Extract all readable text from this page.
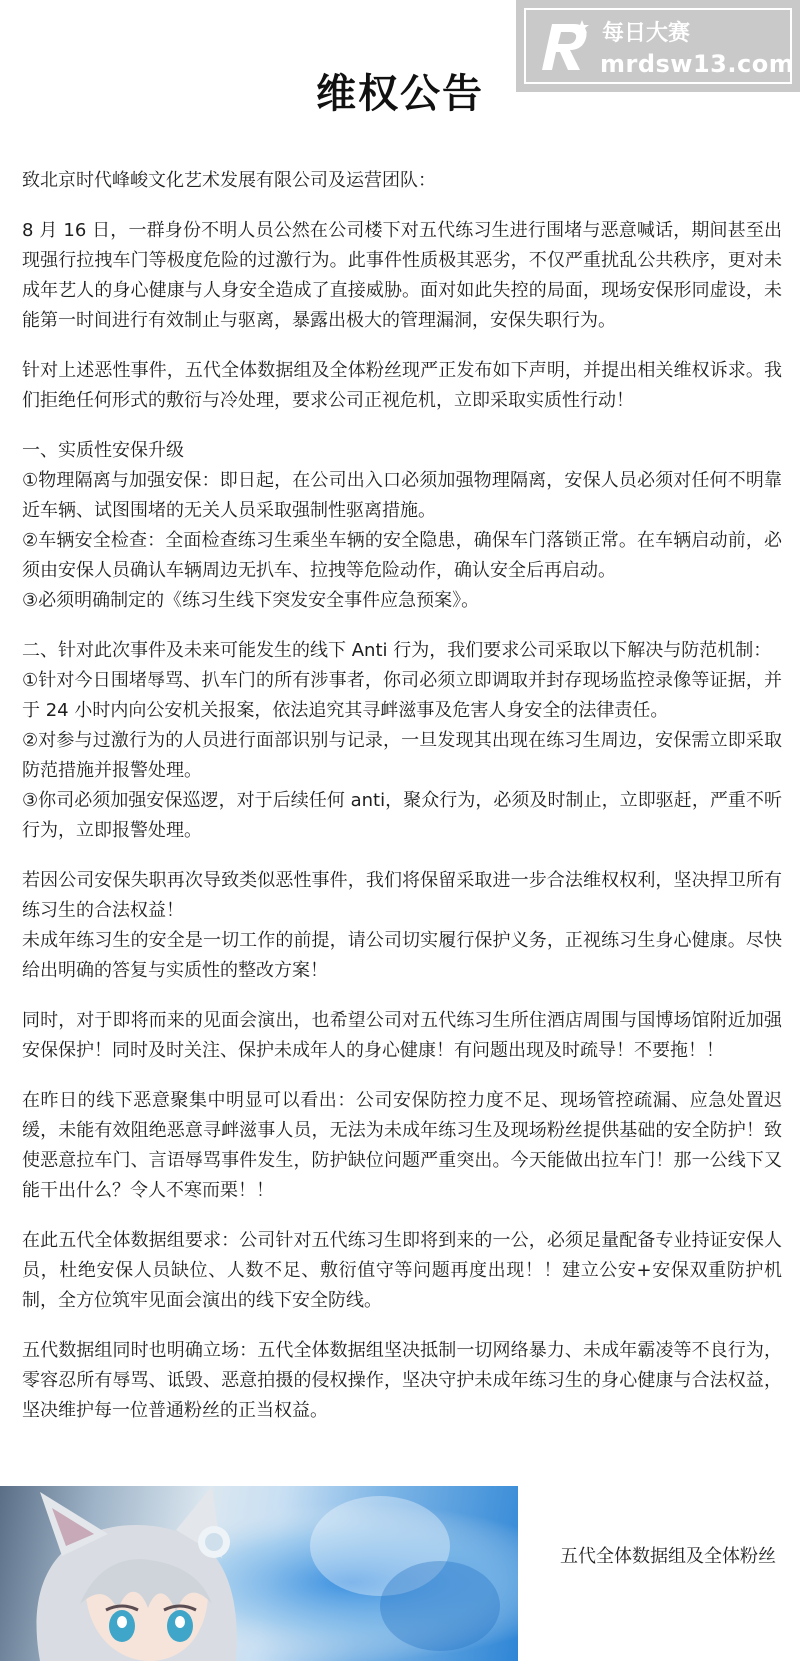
每日大赛
mrdsw13.com
维权公告

致北京时代峰峻文化艺术发展有限公司及运营团队：

8 月 16 日，一群身份不明人员公然在公司楼下对五代练习生进行围堵与恶意喊话，期间甚至出现强行拉拽车门等极度危险的过激行为。此事件性质极其恶劣，不仅严重扰乱公共秩序，更对未成年艺人的身心健康与人身安全造成了直接威胁。面对如此失控的局面，现场安保形同虚设，未能第一时间进行有效制止与驱离，暴露出极大的管理漏洞，安保失职行为。

针对上述恶性事件，五代全体数据组及全体粉丝现严正发布如下声明，并提出相关维权诉求。我们拒绝任何形式的敷衍与冷处理，要求公司正视危机，立即采取实质性行动！

一、实质性安保升级
①物理隔离与加强安保：即日起，在公司出入口必须加强物理隔离，安保人员必须对任何不明靠近车辆、试图围堵的无关人员采取强制性驱离措施。
②车辆安全检查：全面检查练习生乘坐车辆的安全隐患，确保车门落锁正常。在车辆启动前，必须由安保人员确认车辆周边无扒车、拉拽等危险动作，确认安全后再启动。
③必须明确制定的《练习生线下突发安全事件应急预案》。
二、针对此次事件及未来可能发生的线下 Anti 行为，我们要求公司采取以下解决与防范机制：
①针对今日围堵辱骂、扒车门的所有涉事者，你司必须立即调取并封存现场监控录像等证据，并于 24 小时内向公安机关报案，依法追究其寻衅滋事及危害人身安全的法律责任。
②对参与过激行为的人员进行面部识别与记录，一旦发现其出现在练习生周边，安保需立即采取防范措施并报警处理。
③你司必须加强安保巡逻，对于后续任何 anti，聚众行为，必须及时制止，立即驱赶，严重不听行为，立即报警处理。
若因公司安保失职再次导致类似恶性事件，我们将保留采取进一步合法维权权利，坚决捍卫所有练习生的合法权益！
未成年练习生的安全是一切工作的前提，请公司切实履行保护义务，正视练习生身心健康。尽快给出明确的答复与实质性的整改方案！

同时，对于即将而来的见面会演出，也希望公司对五代练习生所住酒店周围与国博场馆附近加强安保保护！同时及时关注、保护未成年人的身心健康！有问题出现及时疏导！不要拖！！

在昨日的线下恶意聚集中明显可以看出：公司安保防控力度不足、现场管控疏漏、应急处置迟缓，未能有效阻绝恶意寻衅滋事人员，无法为未成年练习生及现场粉丝提供基础的安全防护！致使恶意拉车门、言语辱骂事件发生，防护缺位问题严重突出。今天能做出拉车门！那一公线下又能干出什么？令人不寒而栗！！

在此五代全体数据组要求：公司针对五代练习生即将到来的一公，必须足量配备专业持证安保人员，杜绝安保人员缺位、人数不足、敷衍值守等问题再度出现！！建立公安+安保双重防护机制，全方位筑牢见面会演出的线下安全防线。

五代数据组同时也明确立场：五代全体数据组坚决抵制一切网络暴力、未成年霸凌等不良行为，零容忍所有辱骂、诋毁、恶意拍摄的侵权操作，坚决守护未成年练习生的身心健康与合法权益，坚决维护每一位普通粉丝的正当权益。

五代全体数据组及全体粉丝
